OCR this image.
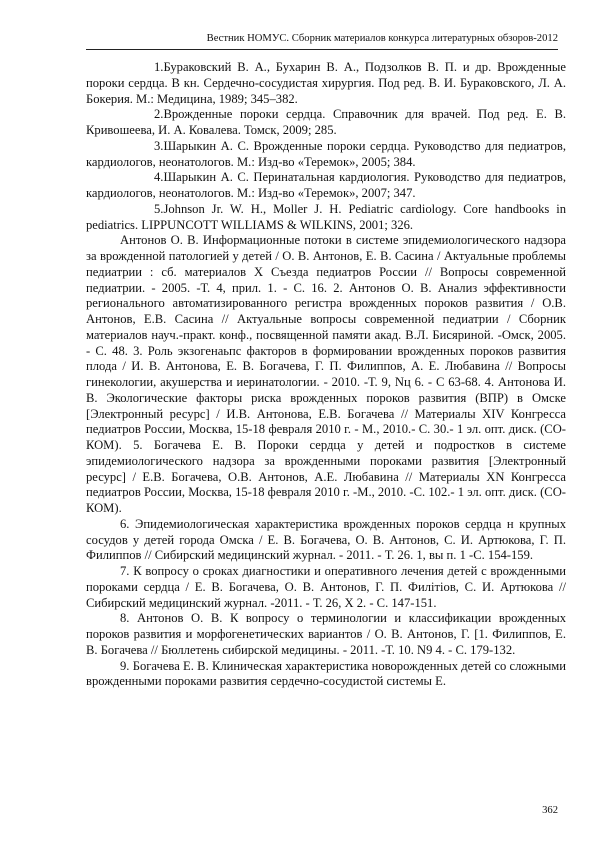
Вестник НОМУС. Сборник материалов конкурса литературных обзоров-2012

1.Бураковский В. А., Бухарин В. А., Подзолков В. П. и др. Врожденные пороки сердца. В кн. Сердечно-сосудистая хирургия. Под ред. В. И. Бураковского, Л. А. Бокерия. М.: Медицина, 1989; 345–382.

2.Врожденные пороки сердца. Справочник для врачей. Под ред. Е. В. Кривошеева, И. А. Ковалева. Томск, 2009; 285.

3.Шарыкин А. С. Врожденные пороки сердца. Руководство для педиатров, кардиологов, неонатологов. М.: Изд-во «Теремок», 2005; 384.

4.Шарыкин А. С. Перинатальная кардиология. Руководство для педиатров, кардиологов, неонатологов. М.: Изд-во «Теремок», 2007; 347.

5.Johnson Jr. W. H., Moller J. H. Pediatric cardiology. Core handbooks in pediatrics. LIPPUNCOTT WILLIAMS & WILKINS, 2001; 326.

Антонов О. В. Информационные потоки в системе эпидемиологического надзора за врожденной патологией у детей / О. В. Антонов, Е. В. Сасина / Актуальные проблемы педиатрии : сб. материалов X Съезда педиатров России // Вопросы современной педиатрии. - 2005. -Т. 4, прил. 1. - С. 16. 2. Антонов О. В. Анализ эффективности регионального автоматизированного регистра врожденных пороков развития / О.В. Антонов, Е.В. Сасина // Актуальные вопросы современной педиатрии / Сборник материалов науч.-практ. конф., посвященной памяти акад. В.Л. Бисяриной. -Омск, 2005. - С. 48. 3. Роль экзогенаьпс факторов в формировании врожденных пороков развития плода / И. В. Антонова, Е. В. Богачева, Г. П. Филиппов, А. Е. Любавина // Вопросы гинекологии, акушерства и иеринатологии. - 2010. -Т. 9, Nц 6. - С 63-68. 4. Антонова И. В. Экологические факторы риска врожденных пороков развития (ВПР) в Омске [Электронный ресурс] / И.В. Антонова, Е.В. Богачева // Материалы XIV Конгресса педиатров России, Москва, 15-18 февраля 2010 г. - М., 2010.- С. 30.- 1 эл. опт. диск. (СО-КОМ). 5. Богачева Е. В. Пороки сердца у детей и подростков в системе эпидемиологического надзора за врожденными пороками развития [Электронный ресурс] / Е.В. Богачева, О.В. Антонов, А.Е. Любавина // Материалы XN Конгресса педиатров России, Москва, 15-18 февраля 2010 г. -М., 2010. -С. 102.- 1 эл. опт. диск. (СО-КОМ).

6. Эпидемиологическая характеристика врожденных пороков сердца н крупных сосудов у детей города Омска / Е. В. Богачева, О. В. Антонов, С. И. Артюкова, Г. П. Филиппов // Сибирский медицинский журнал. - 2011. - Т. 26. 1, вы п. 1 -С. 154-159.

7. К вопросу о сроках диагностики и оперативного лечения детей с врожденными пороками сердца / Е. В. Богачева, О. В. Антонов, Г. П. Филітіов, С. И. Артюкова // Сибирский медицинский журнал. -2011. - Т. 26, Х 2. - С. 147-151.

8. Антонов О. В. К вопросу о терминологии и классификации врожденных пороков развития и морфогенетических вариантов / О. В. Антонов, Г. [1. Филиппов, Е. В. Богачева // Бюллетень сибирской медицины. - 2011. -Т. 10. N9 4. - С. 179-132.

9. Богачева Е. В. Клиническая характеристика новорожденных детей со сложными врожденными пороками развития сердечно-сосудистой системы Е.

362
